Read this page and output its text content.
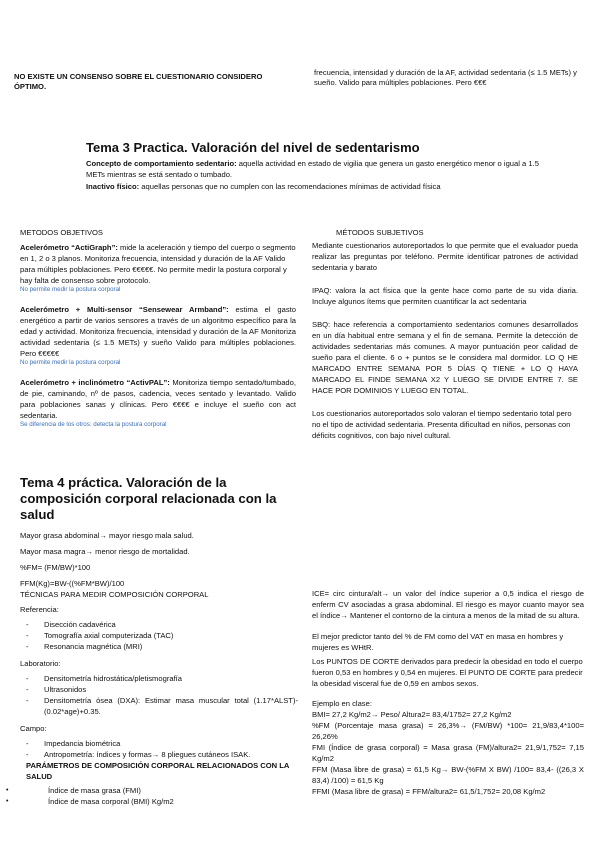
NO EXISTE UN CONSENSO SOBRE EL CUESTIONARIO CONSIDERO ÓPTIMO.
frecuencia, intensidad y duración de la AF, actividad sedentaria (≤ 1.5 METs) y sueño. Valido para múltiples poblaciones. Pero €€€
Tema 3 Practica. Valoración del nivel de sedentarismo

Concepto de comportamiento sedentario: aquella actividad en estado de vigilia que genera un gasto energético menor o igual a 1.5 METs mientras se está sentado o tumbado.

Inactivo físico: aquellas personas que no cumplen con las recomendaciones mínimas de actividad física

METODOS OBJETIVOS

Acelerómetro “ActiGraph”: mide la aceleración y tiempo del cuerpo o segmento en 1, 2 o 3 planos. Monitoriza frecuencia, intensidad y duración de la AF Valido para múltiples poblaciones. Pero €€€€€. No permite medir la postura corporal y hay falta de consenso sobre protocolo.

No permite medir la postura corporal

Acelerómetro + Multi-sensor “Sensewear Armband”: estima el gasto energético a partir de varios sensores a través de un algoritmo específico para la edad y actividad. Monitoriza frecuencia, intensidad y duración de la AF Monitoriza actividad sedentaria (≤ 1.5 METs) y sueño Valido para múltiples poblaciones. Pero €€€€€

No permite medir la postura corporal

Acelerómetro + inclinómetro “ActivPAL”: Monitoriza tiempo sentado/tumbado, de pie, caminando, nº de pasos, cadencia, veces sentado y levantado. Valido para poblaciones sanas y clínicas. Pero €€€€ e incluye el sueño con act sedentaria.

Se diferencia de los otros: detecta la postura corporal
MÉTODOS SUBJETIVOS

Mediante cuestionarios autoreportados lo que permite que el evaluador pueda realizar las preguntas por teléfono. Permite identificar patrones de actividad sedentaria y barato

IPAQ: valora la act física que la gente hace como parte de su vida diaria. Incluye algunos ítems que permiten cuantificar la act sedentaria

SBQ: hace referencia a comportamiento sedentarios comunes desarrollados en un día habitual entre semana y el fin de semana. Permite la detección de actividades sedentarias más comunes. A mayor puntuación peor calidad de sueño para el cliente. 6 o + puntos se le considera mal dormidor. LO Q HE MARCADO ENTRE SEMANA POR 5 DÍAS Q TIENE + LO Q HAYA MARCADO EL FINDE SEMANA X2 Y LUEGO SE DIVIDE ENTRE 7. SE HACE POR DOMINIOS Y LUEGO EN TOTAL.

Los cuestionarios autoreportados solo valoran el tiempo sedentario total pero no el tipo de actividad sedentaria. Presenta dificultad en niños, personas con déficits cognitivos, con bajo nivel cultural.

Tema 4 práctica. Valoración de la composición corporal relacionada con la salud

Mayor grasa abdominal→ mayor riesgo mala salud.

Mayor masa magra→ menor riesgo de mortalidad.

%FM= (FM/BW)*100

FFM(Kg)=BW-((%FM*BW)/100

TÉCNICAS PARA MEDIR COMPOSICIÓN CORPORAL

Referencia:

- Disección cadavérica
- Tomografía axial computerizada (TAC)
- Resonancia magnética (MRI)

Laboratorio:

- Densitometría hidrostática/pletismografía
- Ultrasonidos
- Densitometría ósea (DXA): Estimar masa muscular total (1.17*ALST)-(0.02*age)+0.35.

Campo:

- Impedancia biométrica
- Antropometría: índices y formas→ 8 pliegues cutáneos ISAK.

PARÁMETROS DE COMPOSICIÓN CORPORAL RELACIONADOS CON LA SALUD

• Índice de masa grasa (FMI)
• Índice de masa corporal (BMI) Kg/m2

ICE= circ cintura/alt→ un valor del índice superior a 0,5 indica el riesgo de enferm CV asociadas a grasa abdominal. El riesgo es mayor cuanto mayor sea el índice→ Mantener el contorno de la cintura a menos de la mitad de su altura.

El mejor predictor tanto del % de FM como del VAT en masa en hombres y mujeres es WHtR.

Los PUNTOS DE CORTE derivados para predecir la obesidad en todo el cuerpo fueron 0,53 en hombres y 0,54 en mujeres. El PUNTO DE CORTE para predecir la obesidad visceral fue de 0,59 en ambos sexos.

Ejemplo en clase:

BMI= 27,2 Kg/m2→ Peso/ Altura2= 83,4/1752= 27,2 Kg/m2

%FM (Porcentaje masa grasa) = 26,3%→ (FM/BW) *100= 21,9/83,4*100= 26,26%

FMI (Índice de grasa corporal) = Masa grasa (FM)/altura2= 21,9/1,752= 7,15 Kg/m2

FFM (Masa libre de grasa) = 61,5 Kg→ BW-(%FM X BW) /100= 83,4- ((26,3 X 83,4) /100) = 61,5 Kg

FFMI (Masa libre de grasa) = FFM/altura2= 61,5/1,752= 20,08 Kg/m2
